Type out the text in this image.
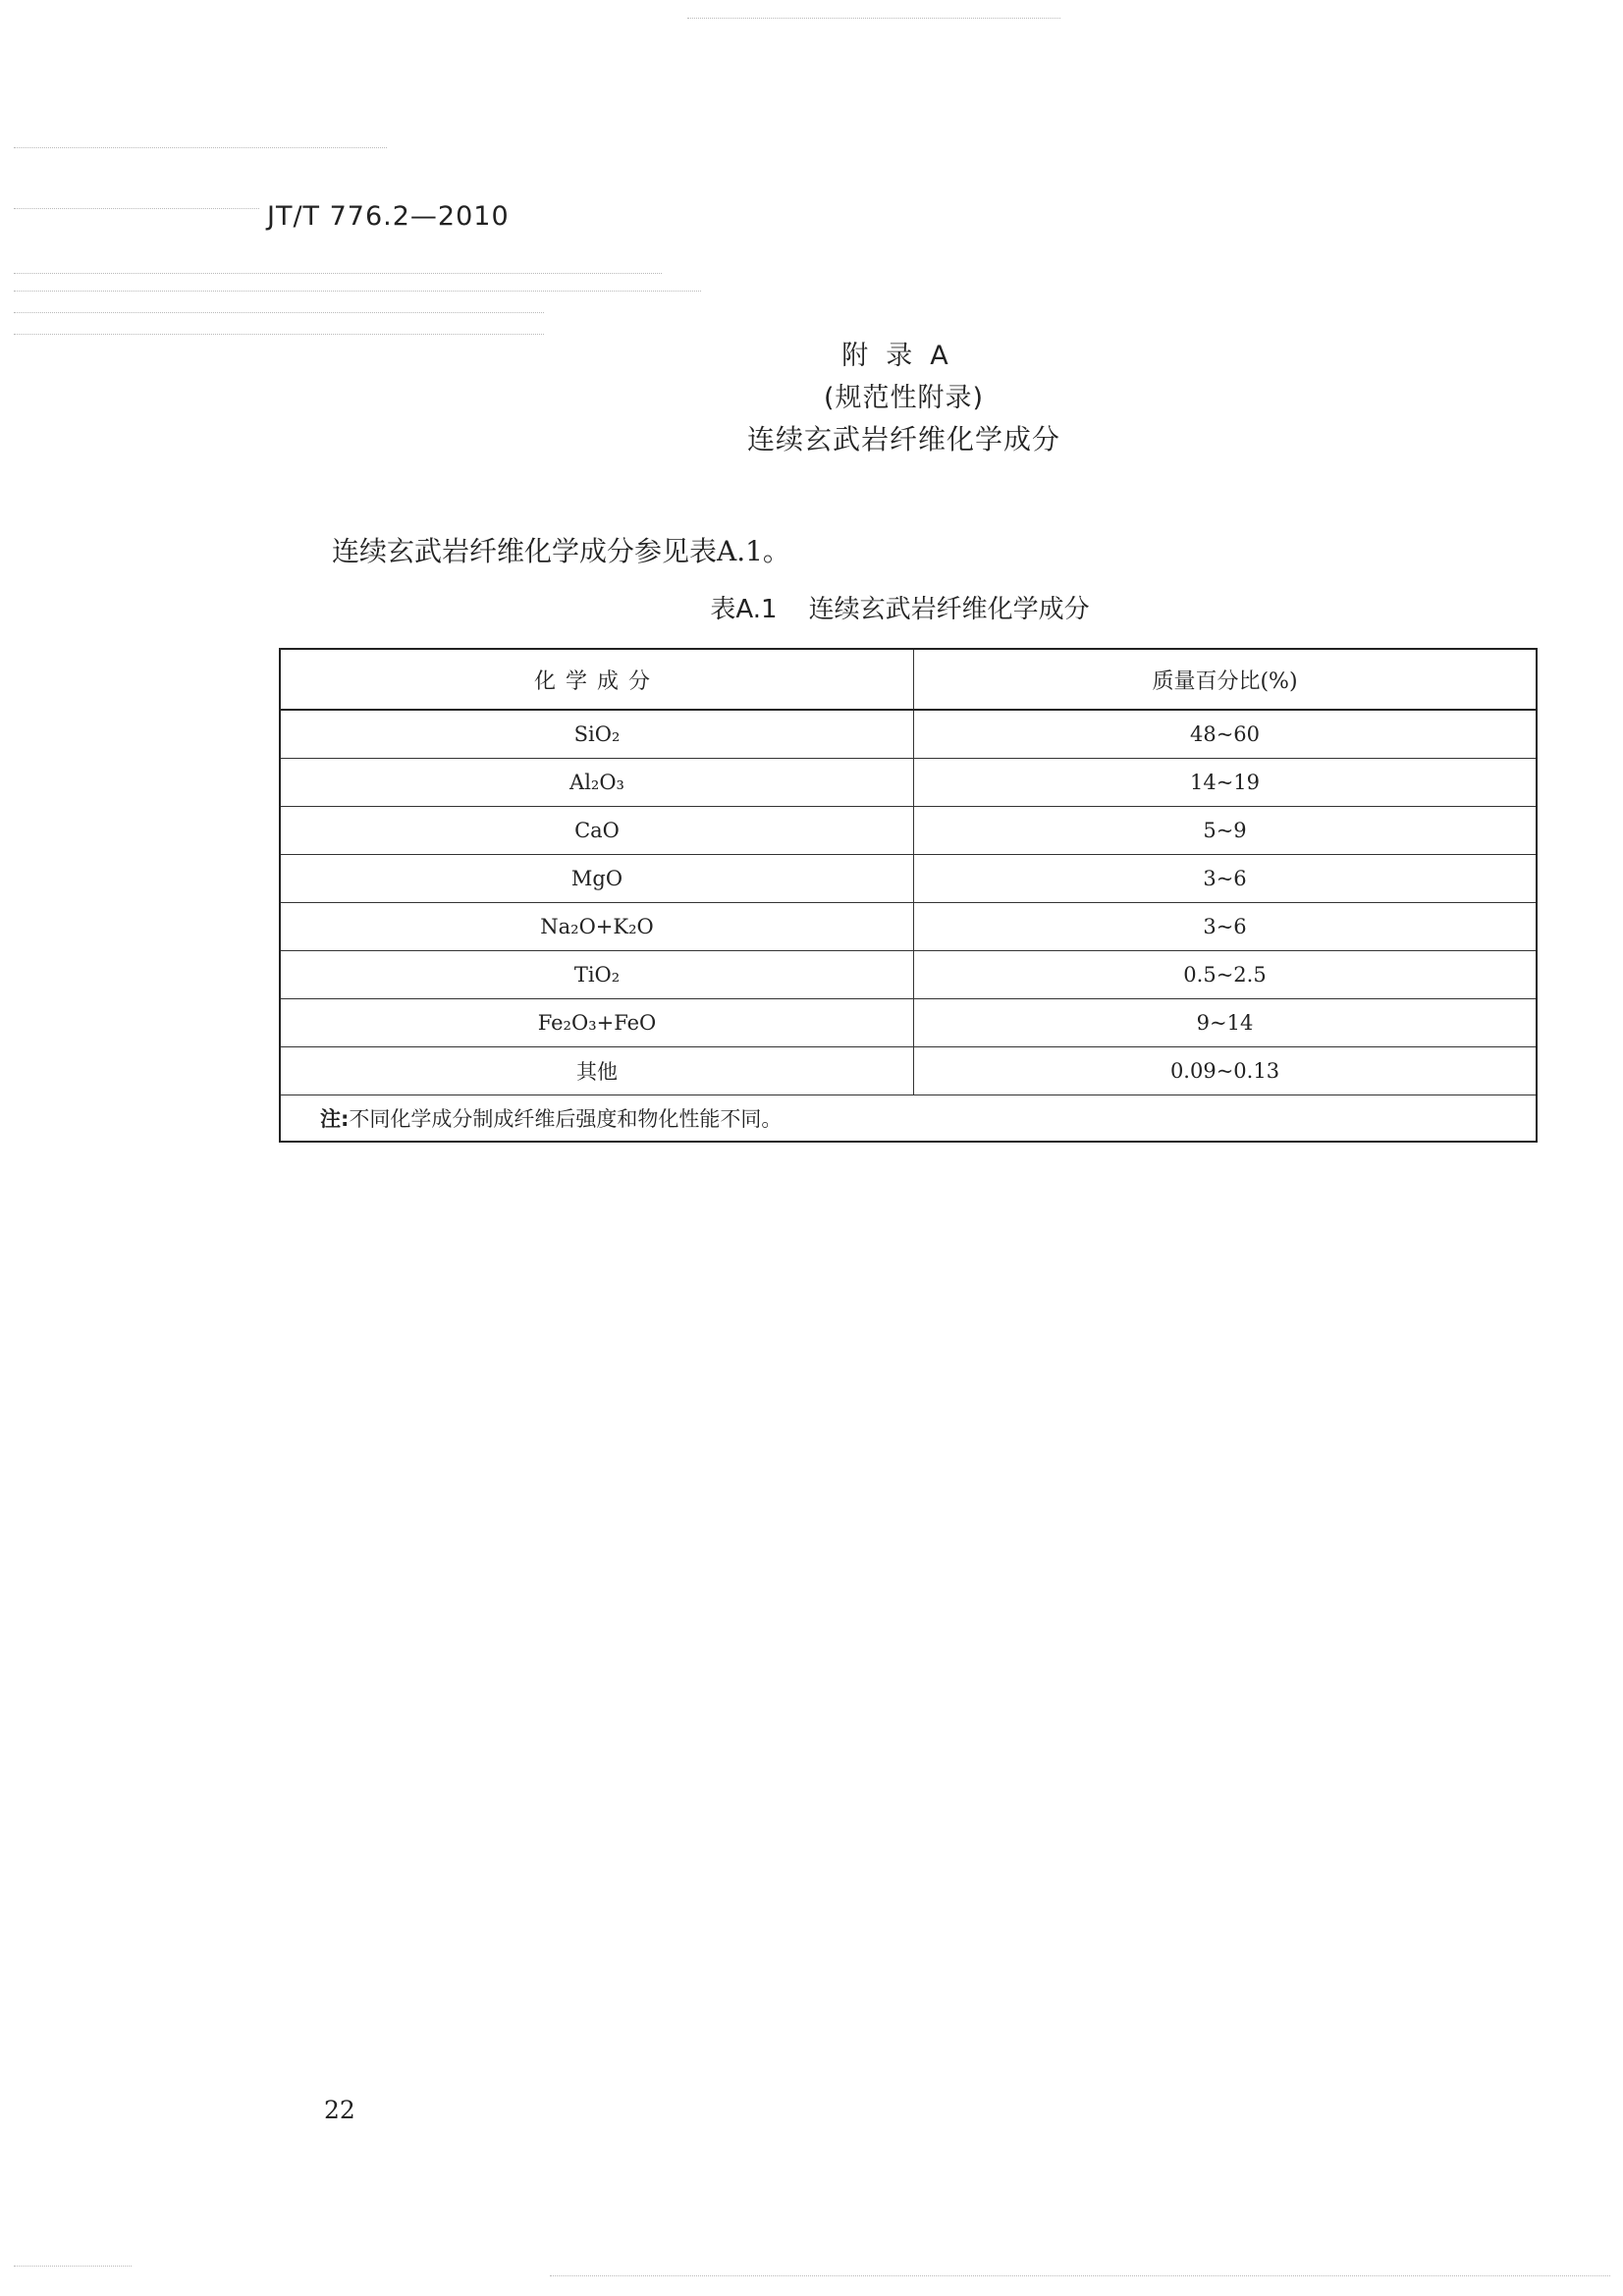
JT/T 776.2—2010
附录A
(规范性附录)
连续玄武岩纤维化学成分
连续玄武岩纤维化学成分参见表A.1。
表A.1 连续玄武岩纤维化学成分
化学成分	质量百分比(%)
SiO₂	48~60
Al₂O₃	14~19
CaO	5~9
MgO	3~6
Na₂O+K₂O	3~6
TiO₂	0.5~2.5
Fe₂O₃+FeO	9~14
其他	0.09~0.13
注:不同化学成分制成纤维后强度和物化性能不同。	
22
